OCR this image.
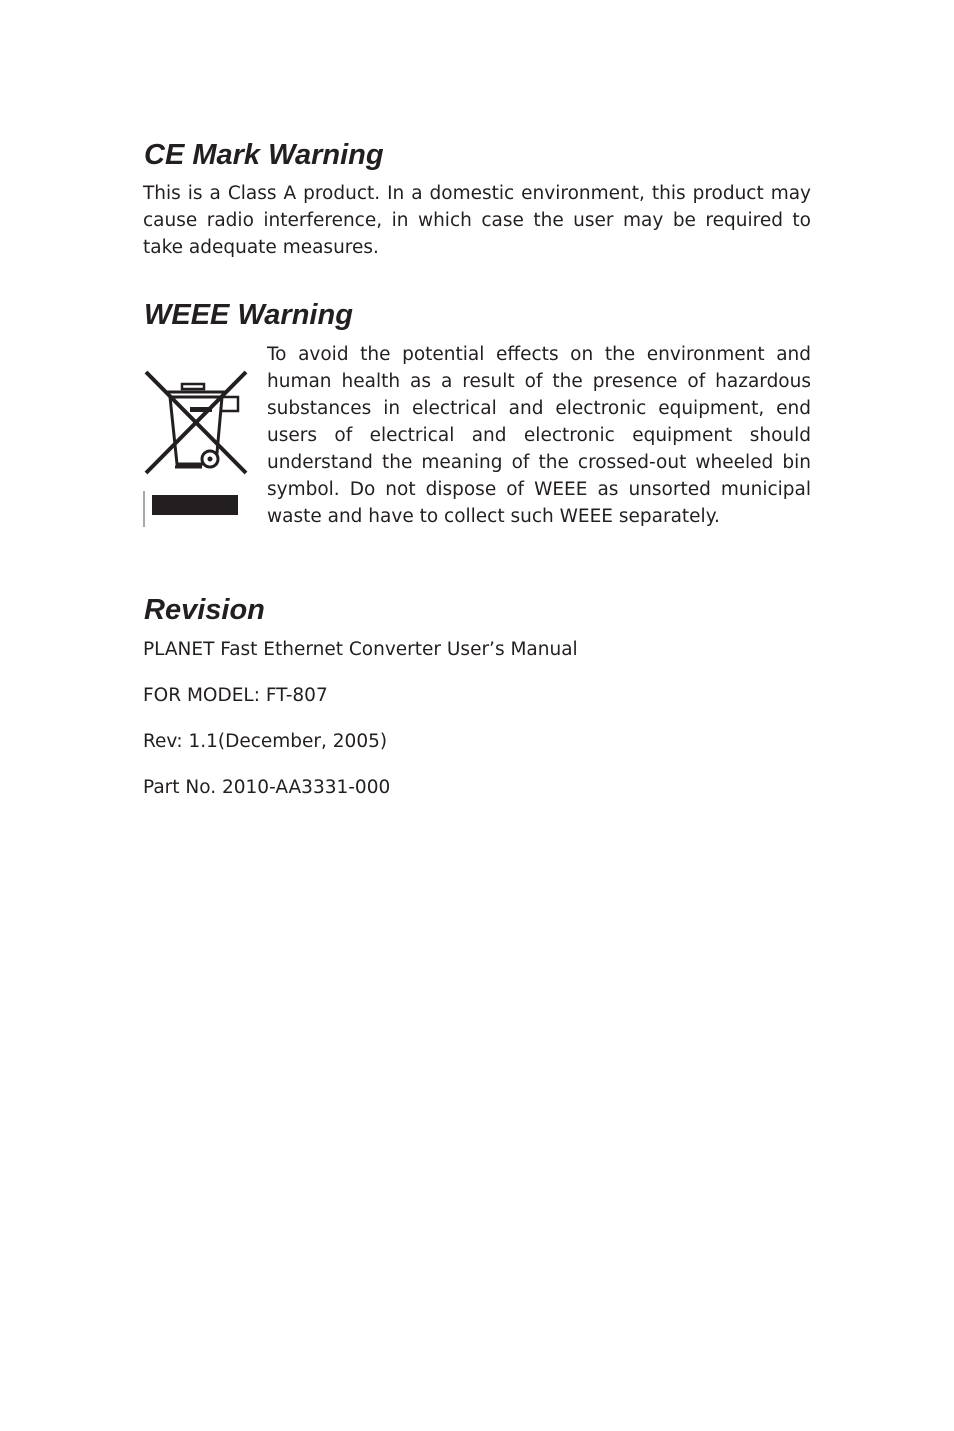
CE Mark Warning

This is a Class A product. In a domestic environment, this product may cause radio interference, in which case the user may be required to take adequate measures.

WEEE Warning

To avoid the potential effects on the environment and human health as a result of the presence of hazardous substances in electrical and electronic equipment, end users of electrical and electronic equipment should understand the meaning of the crossed-out wheeled bin symbol. Do not dispose of WEEE as unsorted municipal waste and have to collect such WEEE separately.

Revision

PLANET Fast Ethernet Converter User’s Manual

FOR MODEL: FT-807

Rev: 1.1(December, 2005)

Part No. 2010-AA3331-000
